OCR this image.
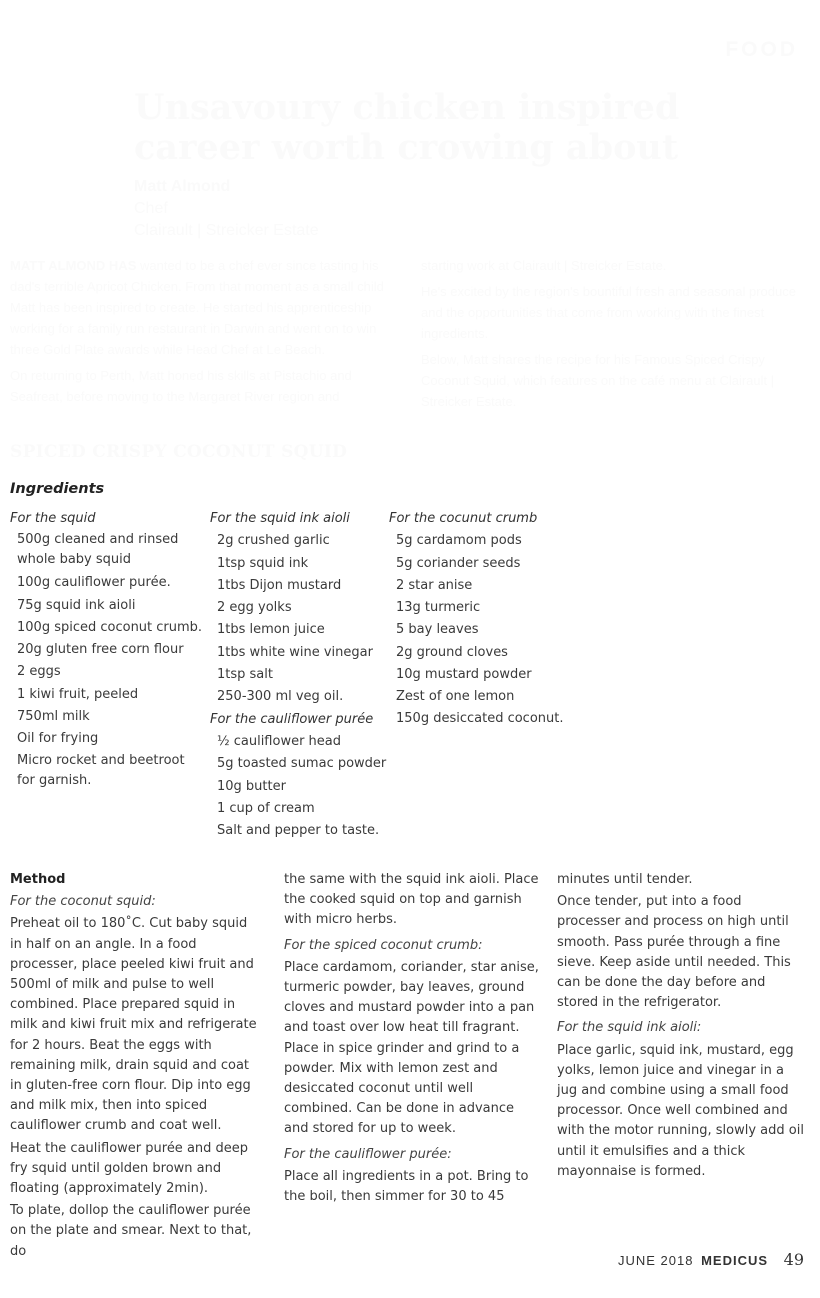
FOOD
Unsavoury chicken inspired career worth crowing about
Matt Almond
Chef
Clairault | Streicker Estate

MATT ALMOND HAS wanted to be a chef ever since tasting his dad's terrible Apricot Chicken. From that moment as a small child Matt has been inspired to create. He started his apprenticeship working for a family run restaurant in Darwin and went on to win three Gold Plate awards while Head Chef at Le Beach.

On returning to Perth, Matt honed his skills at Pistachio and Seafreat, before moving to the Margaret River region and

starting work at Clairault | Streicker Estate.

He's excited by the region's bountiful fresh and seasonal produce and the opportunities that come from working with the finest ingredients.

Below, Matt shares the recipe for his Famous Spiced Crispy Coconut Squid, which features on the café menu at Clairault | Streicker Estate.

SPICED CRISPY COCONUT SQUID
Ingredients
For the squid
500g cleaned and rinsed whole baby squid
100g cauliflower purée.
75g squid ink aioli
100g spiced coconut crumb.
20g gluten free corn flour
2 eggs
1 kiwi fruit, peeled
750ml milk
Oil for frying
Micro rocket and beetroot for garnish.
For the squid ink aioli
2g crushed garlic
1tsp squid ink
1tbs Dijon mustard
2 egg yolks
1tbs lemon juice
1tbs white wine vinegar
1tsp salt
250-300 ml veg oil.
For the cauliflower purée
½ cauliflower head
5g toasted sumac powder
10g butter
1 cup of cream
Salt and pepper to taste.
For the cocunut crumb
5g cardamom pods
5g coriander seeds
2 star anise
13g turmeric
5 bay leaves
2g ground cloves
10g mustard powder
Zest of one lemon
150g desiccated coconut.
Method

For the coconut squid:

Preheat oil to 180˚C. Cut baby squid in half on an angle. In a food processer, place peeled kiwi fruit and 500ml of milk and pulse to well combined. Place prepared squid in milk and kiwi fruit mix and refrigerate for 2 hours. Beat the eggs with remaining milk, drain squid and coat in gluten-free corn flour. Dip into egg and milk mix, then into spiced cauliflower crumb and coat well.

Heat the cauliflower purée and deep fry squid until golden brown and floating (approximately 2min).

To plate, dollop the cauliflower purée on the plate and smear. Next to that, do

the same with the squid ink aioli. Place the cooked squid on top and garnish with micro herbs.

For the spiced coconut crumb:

Place cardamom, coriander, star anise, turmeric powder, bay leaves, ground cloves and mustard powder into a pan and toast over low heat till fragrant. Place in spice grinder and grind to a powder. Mix with lemon zest and desiccated coconut until well combined. Can be done in advance and stored for up to week.

For the cauliflower purée:

Place all ingredients in a pot. Bring to the boil, then simmer for 30 to 45

minutes until tender.

Once tender, put into a food processer and process on high until smooth. Pass purée through a fine sieve. Keep aside until needed. This can be done the day before and stored in the refrigerator.

For the squid ink aioli:

Place garlic, squid ink, mustard, egg yolks, lemon juice and vinegar in a jug and combine using a small food processor. Once well combined and with the motor running, slowly add oil until it emulsifies and a thick mayonnaise is formed.

JUNE 2018 MEDICUS 49
